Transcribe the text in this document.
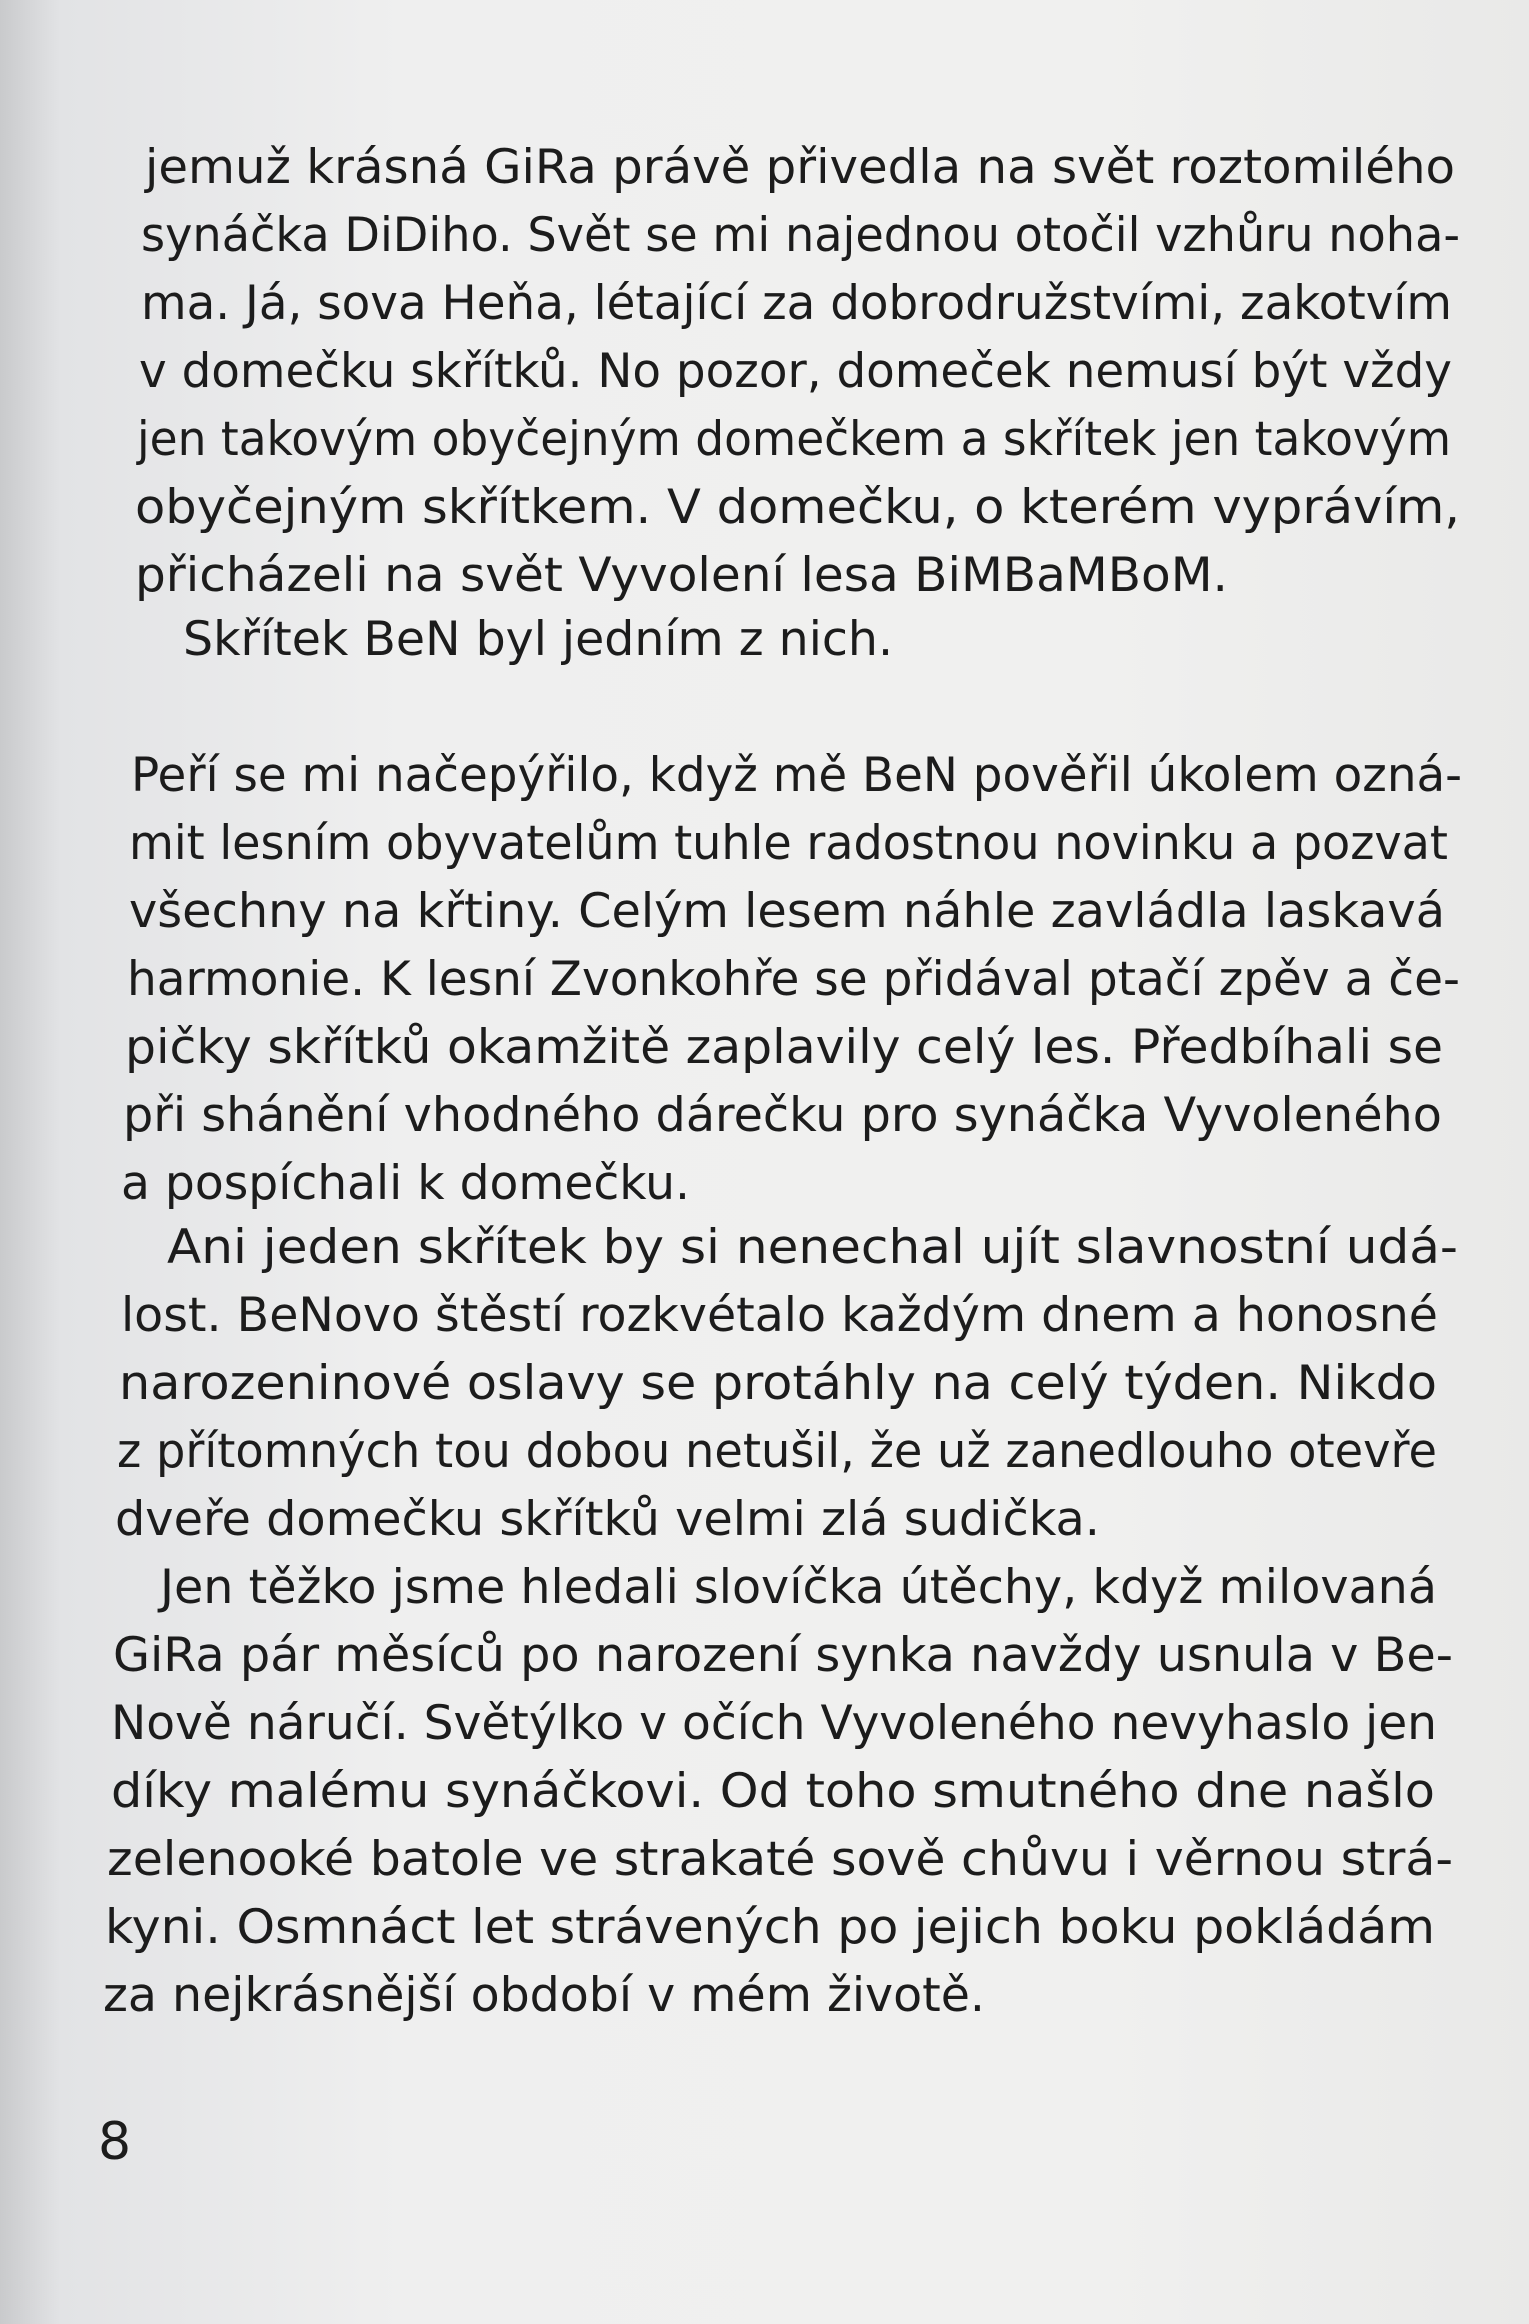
jemuž krásná GiRa právě přivedla na svět roztomilého
synáčka DiDiho. Svět se mi najednou otočil vzhůru noha-
ma. Já, sova Heňa, létající za dobrodružstvími, zakotvím
v domečku skřítků. No pozor, domeček nemusí být vždy
jen takovým obyčejným domečkem a skřítek jen takovým
obyčejným skřítkem. V domečku, o kterém vyprávím,
přicházeli na svět Vyvolení lesa BiMBaMBoM.
Skřítek BeN byl jedním z nich.
Peří se mi načepýřilo, když mě BeN pověřil úkolem ozná-
mit lesním obyvatelům tuhle radostnou novinku a pozvat
všechny na křtiny. Celým lesem náhle zavládla laskavá
harmonie. K lesní Zvonkohře se přidával ptačí zpěv a če-
pičky skřítků okamžitě zaplavily celý les. Předbíhali se
při shánění vhodného dárečku pro synáčka Vyvoleného
a pospíchali k domečku.
Ani jeden skřítek by si nenechal ujít slavnostní udá-
lost. BeNovo štěstí rozkvétalo každým dnem a honosné
narozeninové oslavy se protáhly na celý týden. Nikdo
z přítomných tou dobou netušil, že už zanedlouho otevře
dveře domečku skřítků velmi zlá sudička.
Jen těžko jsme hledali slovíčka útěchy, když milovaná
GiRa pár měsíců po narození synka navždy usnula v Be-
Nově náručí. Světýlko v očích Vyvoleného nevyhaslo jen
díky malému synáčkovi. Od toho smutného dne našlo
zelenooké batole ve strakaté sově chůvu i věrnou strá-
kyni. Osmnáct let strávených po jejich boku pokládám
za nejkrásnější období v mém životě.
8
